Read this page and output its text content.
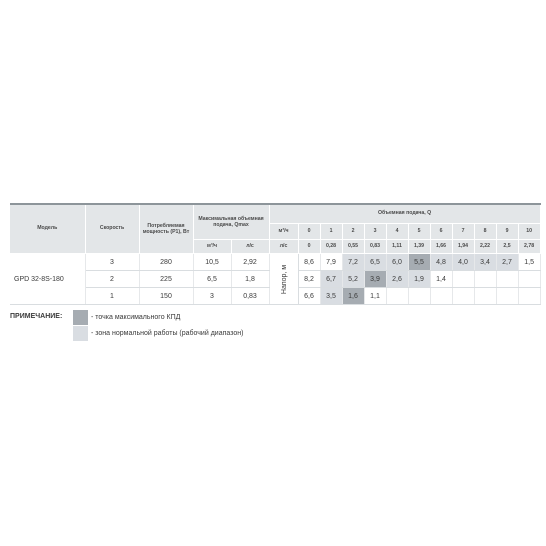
Модель	Скорость	Потребляемая мощность (P1), Вт	Максимальная объемная подача, Qmax		Объемная подача, Q											
					м³/ч	0	1	2	3	4	5	6	7	8	9	10
			м³/ч	л/с	л/с	0	0,28	0,55	0,83	1,11	1,39	1,66	1,94	2,22	2,5	2,78
GPD 32-8S-180	3	280	10,5	2,92	Напор, м	8,6	7,9	7,2	6,5	6,0	5,5	4,8	4,0	3,4	2,7	1,5
	2	225	6,5	1,8		8,2	6,7	5,2	3,9	2,6	1,9	1,4				
	1	150	3	0,83		6,6	3,5	1,6	1,1							
ПРИМЕЧАНИЕ:	- точка максимального КПД
- зона нормальной работы (рабочий диапазон)
